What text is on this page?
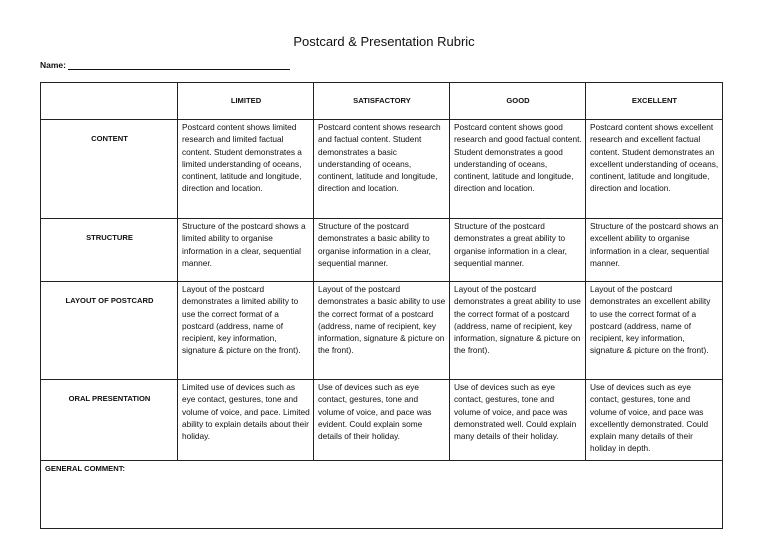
Postcard & Presentation Rubric
Name:
	LIMITED	SATISFACTORY	GOOD	EXCELLENT

CONTENT	Postcard content shows limited research and limited factual content. Student demonstrates a limited understanding of oceans, continent, latitude and longitude, direction and location.	Postcard content shows research and factual content. Student demonstrates a basic understanding of oceans, continent, latitude and longitude, direction and location.	Postcard content shows good research and good factual content. Student demonstrates a good understanding of oceans, continent, latitude and longitude, direction and location.	Postcard content shows excellent research and excellent factual content. Student demonstrates an excellent understanding of oceans, continent, latitude and longitude, direction and location.

STRUCTURE	Structure of the postcard shows a limited ability to organise information in a clear, sequential manner.	Structure of the postcard demonstrates a basic ability to organise information in a clear, sequential manner.	Structure of the postcard demonstrates a great ability to organise information in a clear, sequential manner.	Structure of the postcard shows an excellent ability to organise information in a clear, sequential manner.

LAYOUT OF POSTCARD	Layout of the postcard demonstrates a limited ability to use the correct format of a postcard (address, name of recipient, key information, signature & picture on the front).	Layout of the postcard demonstrates a basic ability to use the correct format of a postcard (address, name of recipient, key information, signature & picture on the front).	Layout of the postcard demonstrates a great ability to use the correct format of a postcard (address, name of recipient, key information, signature & picture on the front).	Layout of the postcard demonstrates an excellent ability to use the correct format of a postcard (address, name of recipient, key information, signature & picture on the front).

ORAL PRESENTATION	Limited use of devices such as eye contact, gestures, tone and volume of voice, and pace. Limited ability to explain details about their holiday.	Use of devices such as eye contact, gestures, tone and volume of voice, and pace was evident. Could explain some details of their holiday.	Use of devices such as eye contact, gestures, tone and volume of voice, and pace was demonstrated well. Could explain many details of their holiday.	Use of devices such as eye contact, gestures, tone and volume of voice, and pace was excellently demonstrated. Could explain many details of their holiday in depth.
GENERAL COMMENT:				
